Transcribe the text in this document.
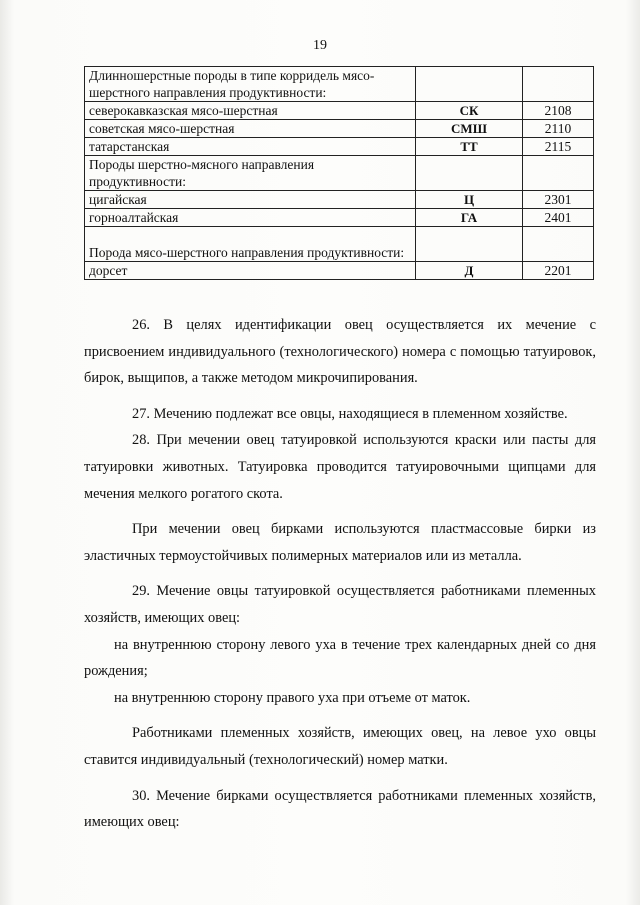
19
Длинношерстные породы в типе корридель мясо-шерстного направления продуктивности:		
северокавказская мясо-шерстная	СК	2108
советская мясо-шерстная	СМШ	2110
татарстанская	ТТ	2115
Породы шерстно-мясного направления продуктивности:		
цигайская	Ц	2301
горноалтайская	ГА	2401
Порода мясо-шерстного направления продуктивности:		
дорсет	Д	2201

26. В целях идентификации овец осуществляется их мечение с присвоением индивидуального (технологического) номера с помощью татуировок, бирок, выщипов, а также методом микрочипирования.

27. Мечению подлежат все овцы, находящиеся в племенном хозяйстве.

28. При мечении овец татуировкой используются краски или пасты для татуировки животных. Татуировка проводится татуировочными щипцами для мечения мелкого рогатого скота.

При мечении овец бирками используются пластмассовые бирки из эластичных термоустойчивых полимерных материалов или из металла.

29. Мечение овцы татуировкой осуществляется работниками племенных хозяйств, имеющих овец:

на внутреннюю сторону левого уха в течение трех календарных дней со дня рождения;

на внутреннюю сторону правого уха при отъеме от маток.

Работниками племенных хозяйств, имеющих овец, на левое ухо овцы ставится индивидуальный (технологический) номер матки.

30. Мечение бирками осуществляется работниками племенных хозяйств, имеющих овец:
